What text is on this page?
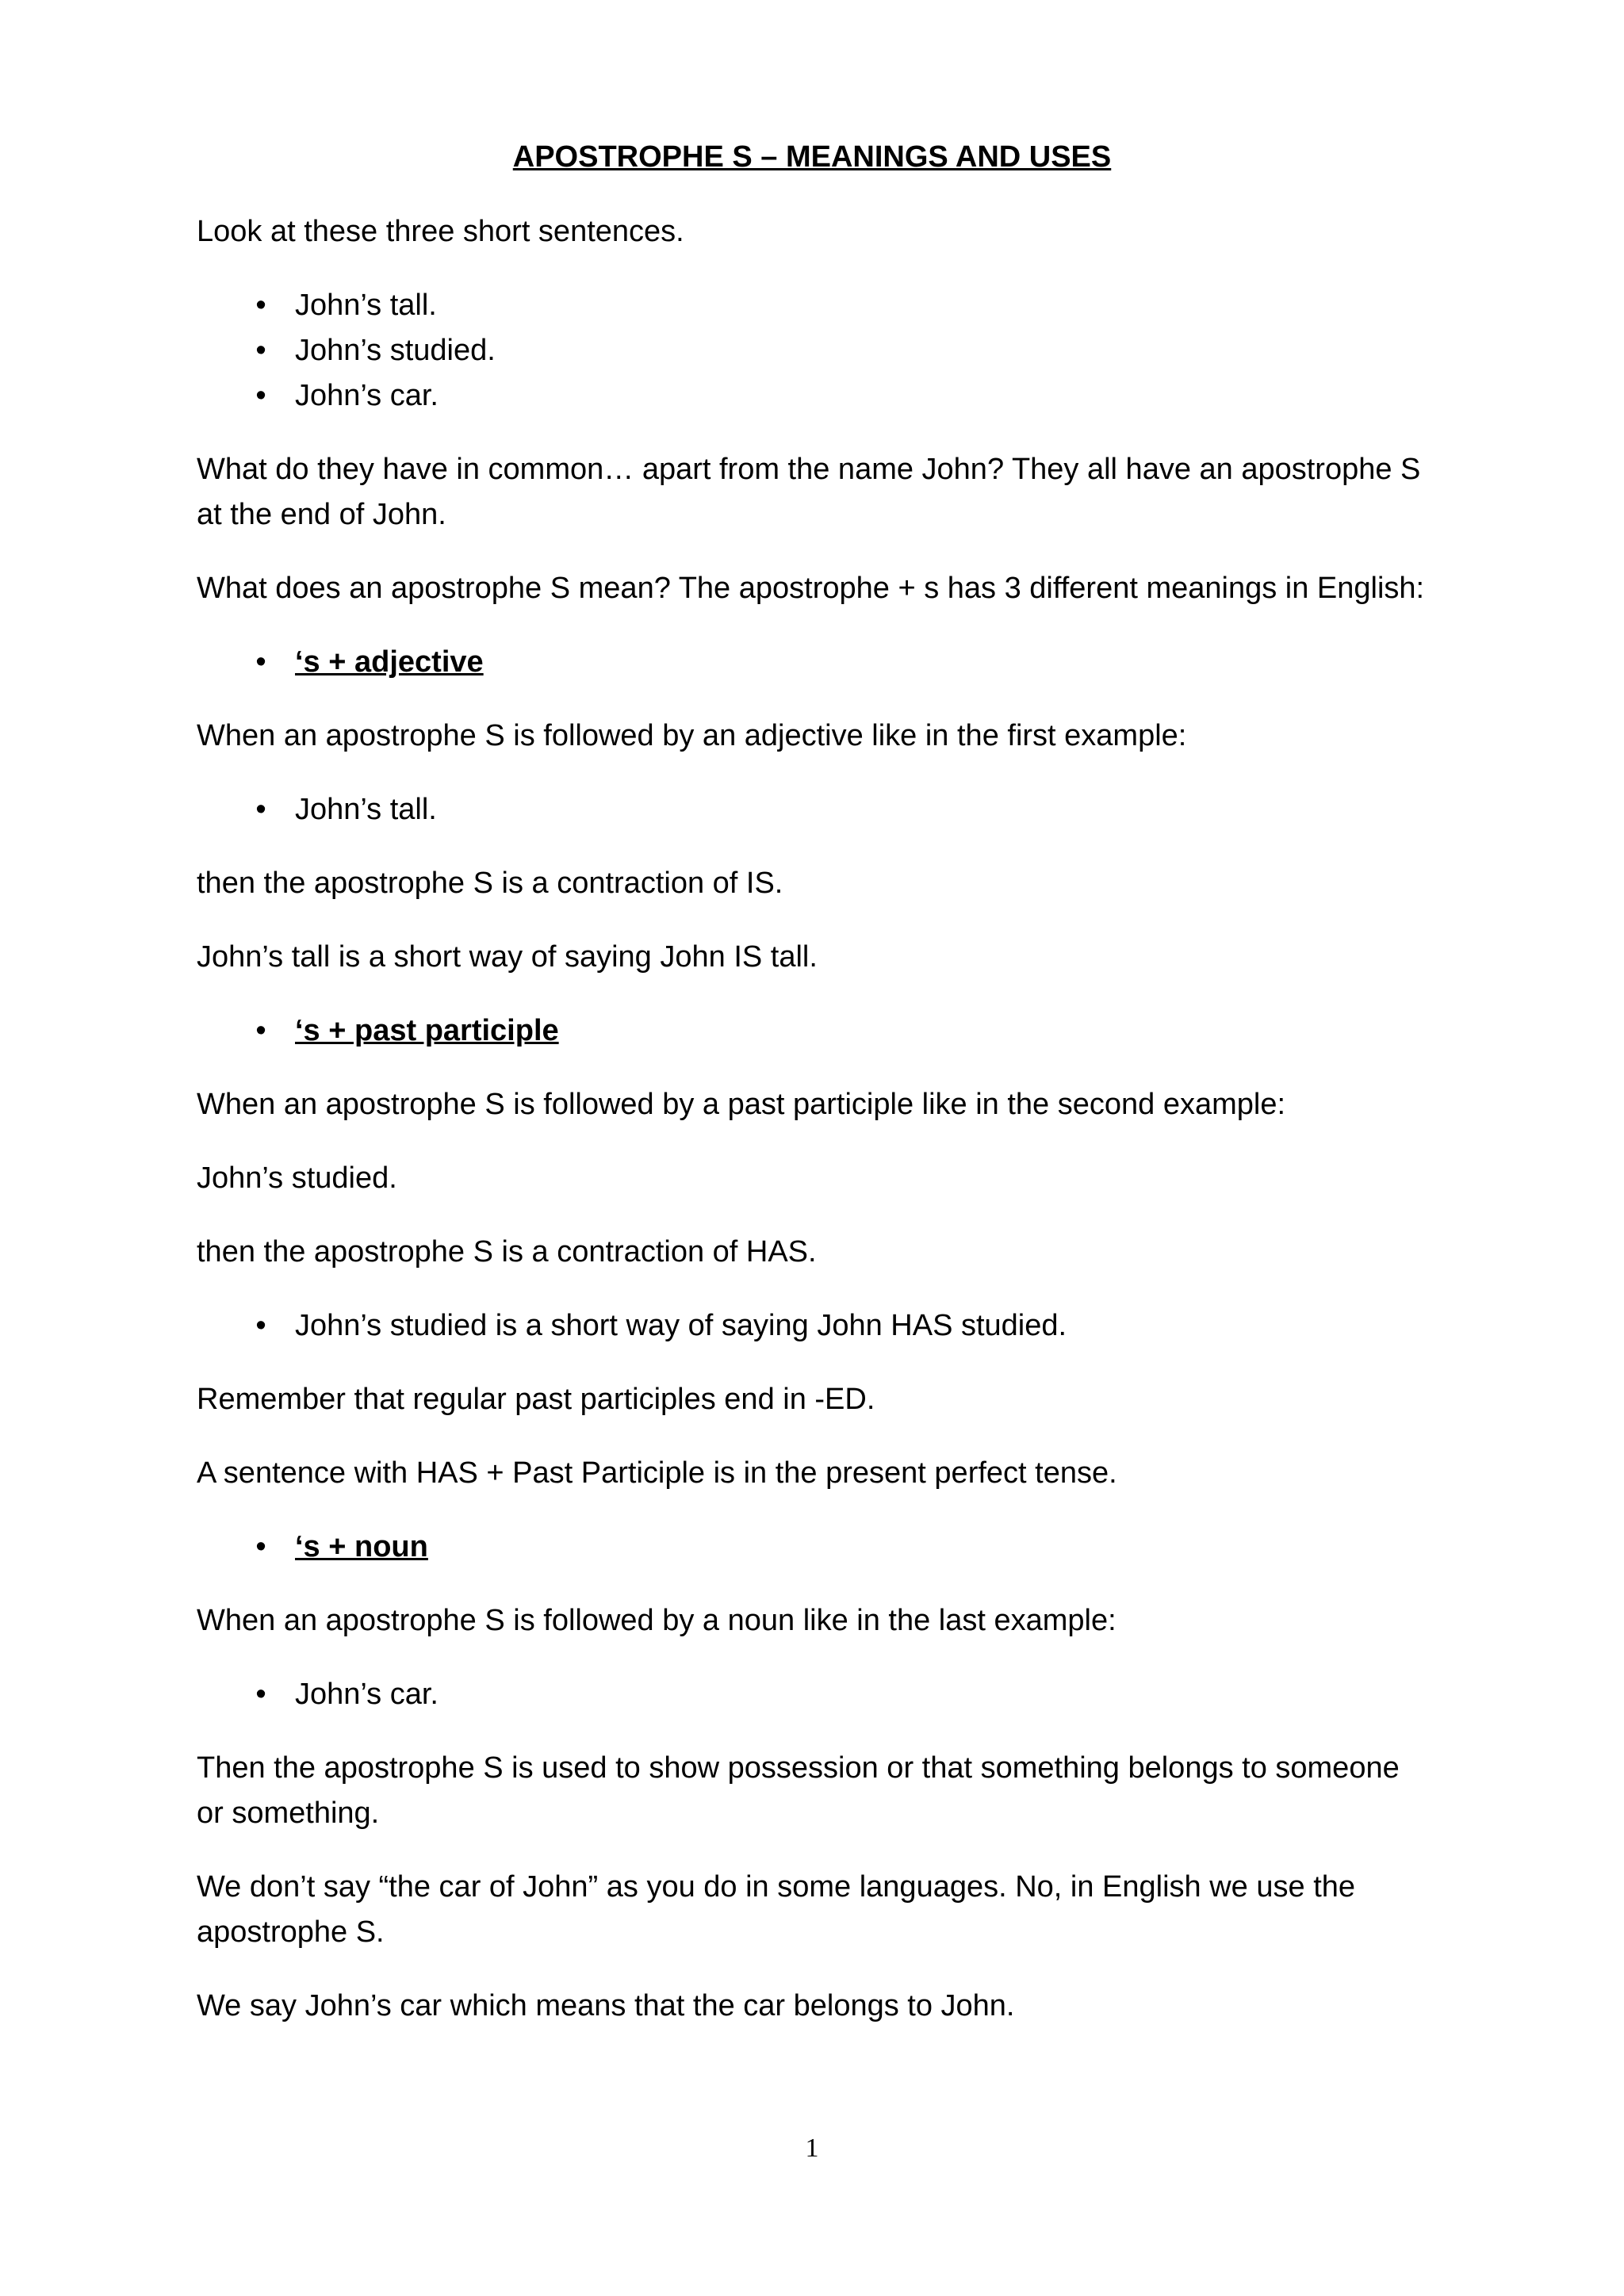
APOSTROPHE S – MEANINGS AND USES

Look at these three short sentences.

• John’s tall.
• John’s studied.
• John’s car.

What do they have in common… apart from the name John? They all have an apostrophe S at the end of John.

What does an apostrophe S mean? The apostrophe + s has 3 different meanings in English:

• ‘s + adjective

When an apostrophe S is followed by an adjective like in the first example:

• John’s tall.

then the apostrophe S is a contraction of IS.

John’s tall is a short way of saying John IS tall.

• ‘s + past participle

When an apostrophe S is followed by a past participle like in the second example:

John’s studied.

then the apostrophe S is a contraction of HAS.

• John’s studied is a short way of saying John HAS studied.

Remember that regular past participles end in -ED.

A sentence with HAS + Past Participle is in the present perfect tense.

• ‘s + noun

When an apostrophe S is followed by a noun like in the last example:

• John’s car.

Then the apostrophe S is used to show possession or that something belongs to someone or something.

We don’t say “the car of John” as you do in some languages. No, in English we use the apostrophe S.

We say John’s car which means that the car belongs to John.

1
